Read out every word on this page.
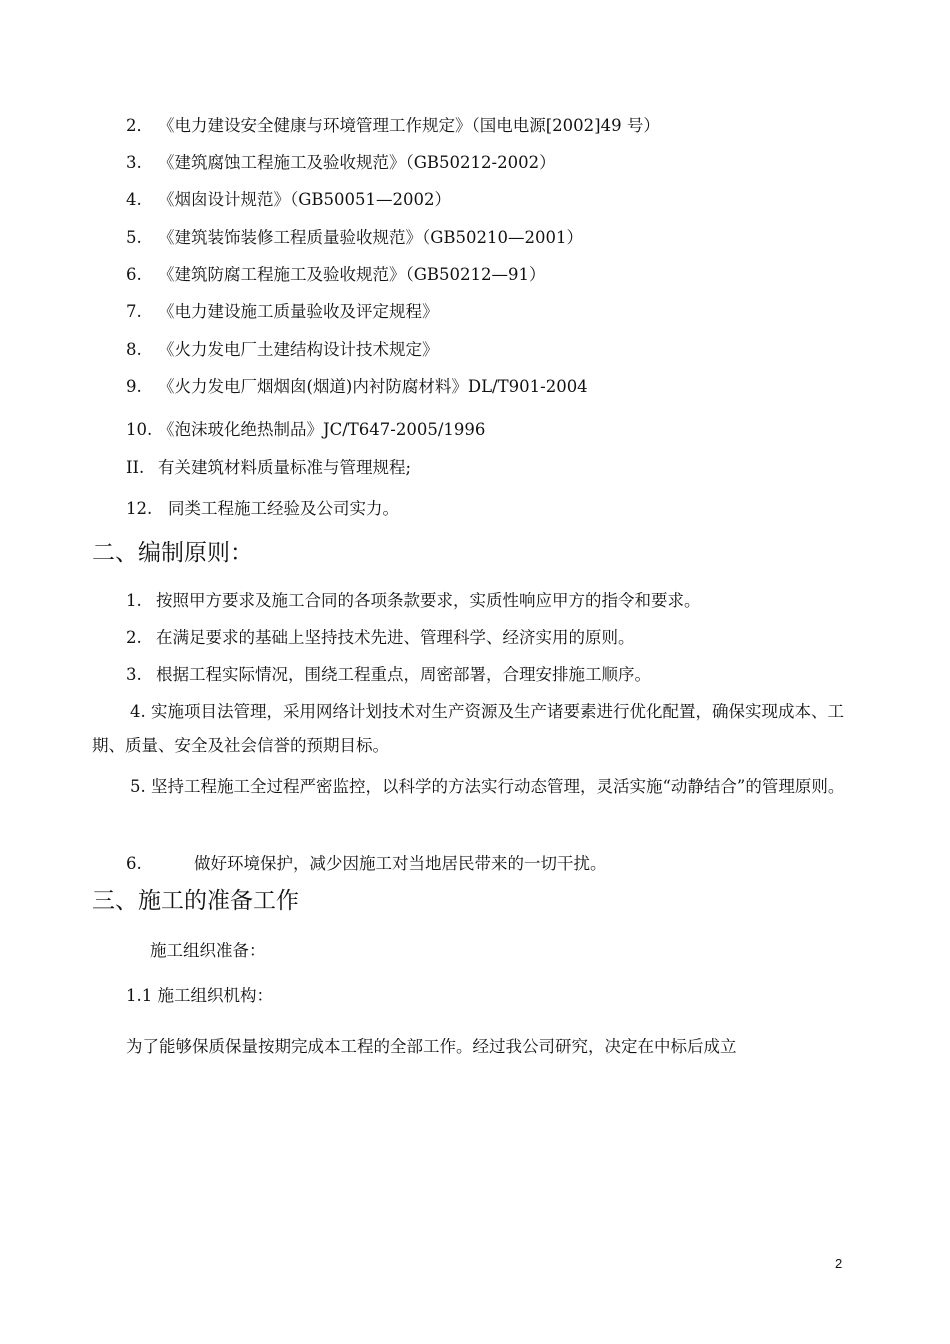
2． 《电力建设安全健康与环境管理工作规定》（国电电源[2002]49 号）
3. 《建筑腐蚀工程施工及验收规范》（GB50212-2002）
4. 《烟囱设计规范》（GB50051—2002）
5. 《建筑装饰装修工程质量验收规范》（GB50210—2001）
6. 《建筑防腐工程施工及验收规范》（GB50212—91）
7. 《电力建设施工质量验收及评定规程》
8. 《火力发电厂土建结构设计技术规定》
9. 《火力发电厂烟烟囱(烟道)内衬防腐材料》DL/T901-2004
10. 《泡沫玻化绝热制品》JC/T647-2005/1996
II. 有关建筑材料质量标准与管理规程;
12. 同类工程施工经验及公司实力。
二、编制原则：
1. 按照甲方要求及施工合同的各项条款要求，实质性响应甲方的指令和要求。
2. 在满足要求的基础上坚持技术先进、管理科学、经济实用的原则。
3. 根据工程实际情况，围绕工程重点，周密部署，合理安排施工顺序。
4. 实施项目法管理，采用网络计划技术对生产资源及生产诸要素进行优化配置，确保实现成本、工期、质量、安全及社会信誉的预期目标。
5. 坚持工程施工全过程严密监控，以科学的方法实行动态管理，灵活实施“动静结合”的管理原则。
6.	做好环境保护，减少因施工对当地居民带来的一切干扰。
三、施工的准备工作
施工组织准备：
1.1 施工组织机构：
为了能够保质保量按期完成本工程的全部工作。经过我公司研究，决定在中标后成立
2
